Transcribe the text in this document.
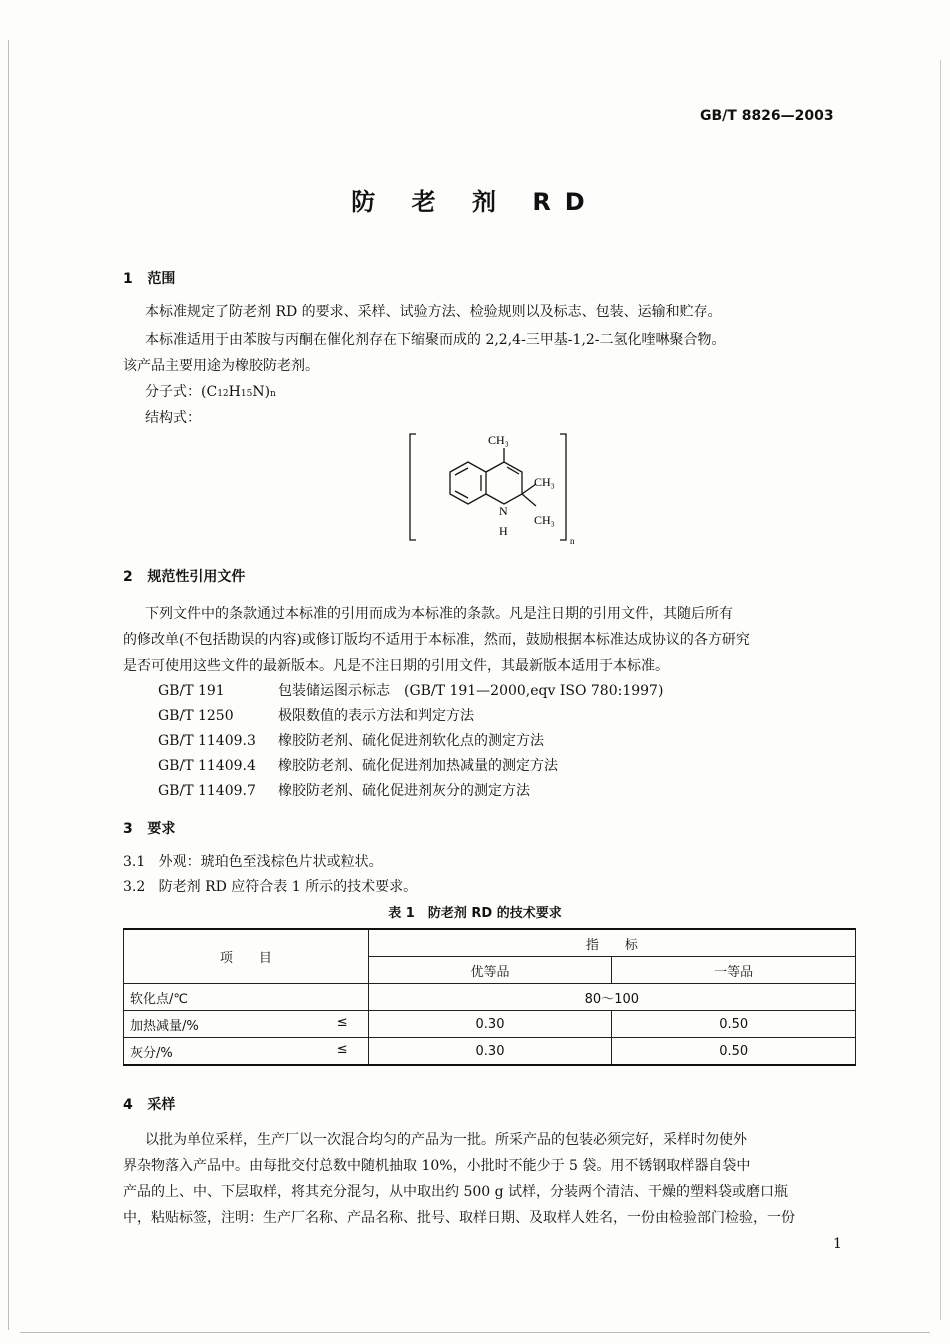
GB/T 8826—2003
防 老 剂 RD
1 范围
本标准规定了防老剂 RD 的要求、采样、试验方法、检验规则以及标志、包装、运输和贮存。
本标准适用于由苯胺与丙酮在催化剂存在下缩聚而成的 2,2,4-三甲基-1,2-二氢化喹啉聚合物。
该产品主要用途为橡胶防老剂。
分子式：(C12H15N)n
结构式：
CH₃
CH₃
CH₃
N
H
n
2 规范性引用文件
下列文件中的条款通过本标准的引用而成为本标准的条款。凡是注日期的引用文件，其随后所有
的修改单(不包括勘误的内容)或修订版均不适用于本标准，然而，鼓励根据本标准达成协议的各方研究
是否可使用这些文件的最新版本。凡是不注日期的引用文件，其最新版本适用于本标准。
GB/T 191	包装储运图示标志　(GB/T 191—2000,eqv ISO 780:1997)
GB/T 1250	极限数值的表示方法和判定方法
GB/T 11409.3 橡胶防老剂、硫化促进剂软化点的测定方法
GB/T 11409.4 橡胶防老剂、硫化促进剂加热减量的测定方法
GB/T 11409.7 橡胶防老剂、硫化促进剂灰分的测定方法
3 要求
3.1 外观：琥珀色至浅棕色片状或粒状。
3.2 防老剂 RD 应符合表 1 所示的技术要求。
表 1　防老剂 RD 的技术要求
项　　目	指　　标	
	优等品	一等品

软化点/℃	80～100	

≤
加热减量/%	0.30	0.50

≤
灰分/%	0.30	0.50
4 采样
以批为单位采样，生产厂以一次混合均匀的产品为一批。所采产品的包装必须完好，采样时勿使外
界杂物落入产品中。由每批交付总数中随机抽取 10%，小批时不能少于 5 袋。用不锈钢取样器自袋中
产品的上、中、下层取样，将其充分混匀，从中取出约 500 g 试样，分装两个清洁、干燥的塑料袋或磨口瓶
中，粘贴标签，注明：生产厂名称、产品名称、批号、取样日期、及取样人姓名，一份由检验部门检验，一份
1
